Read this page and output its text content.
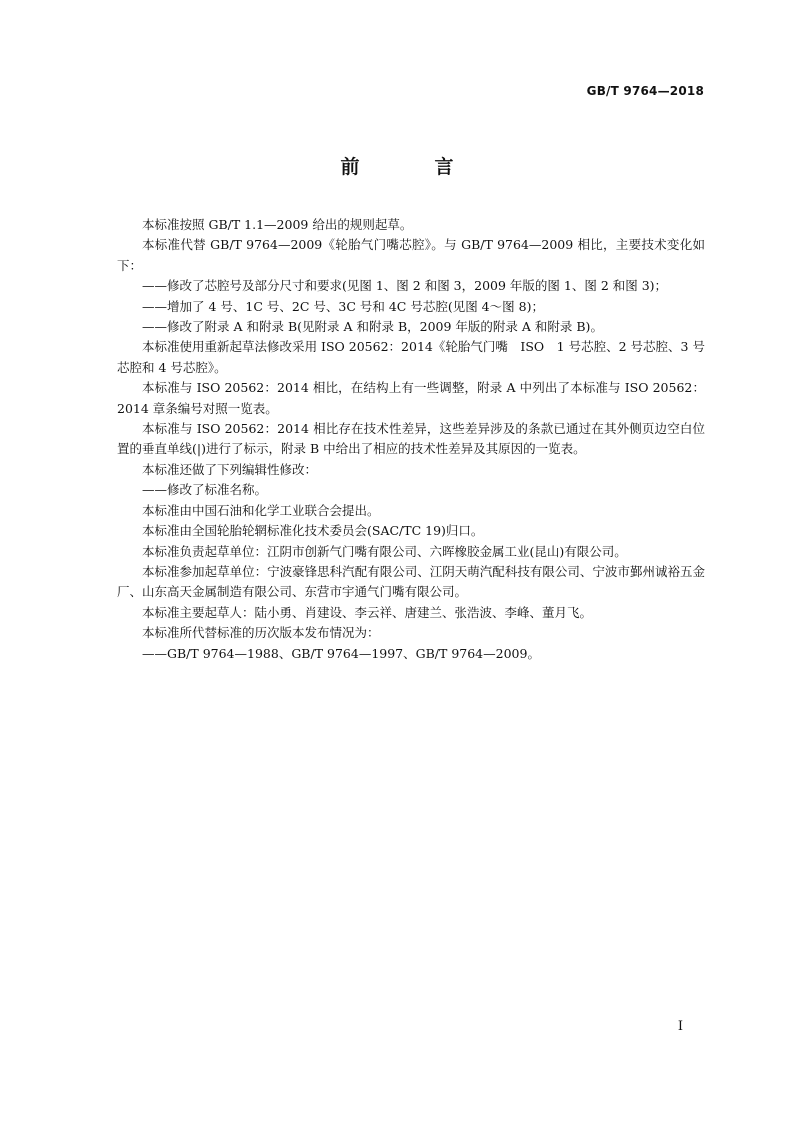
GB/T 9764—2018
前　言

本标准按照 GB/T 1.1—2009 给出的规则起草。

本标准代替 GB/T 9764—2009《轮胎气门嘴芯腔》。与 GB/T 9764—2009 相比，主要技术变化如下：

——修改了芯腔号及部分尺寸和要求(见图 1、图 2 和图 3，2009 年版的图 1、图 2 和图 3)；

——增加了 4 号、1C 号、2C 号、3C 号和 4C 号芯腔(见图 4～图 8)；

——修改了附录 A 和附录 B(见附录 A 和附录 B，2009 年版的附录 A 和附录 B)。

本标准使用重新起草法修改采用 ISO 20562：2014《轮胎气门嘴　ISO　1 号芯腔、2 号芯腔、3 号芯腔和 4 号芯腔》。

本标准与 ISO 20562：2014 相比，在结构上有一些调整，附录 A 中列出了本标准与 ISO 20562：2014 章条编号对照一览表。

本标准与 ISO 20562：2014 相比存在技术性差异，这些差异涉及的条款已通过在其外侧页边空白位置的垂直单线(|)进行了标示，附录 B 中给出了相应的技术性差异及其原因的一览表。

本标准还做了下列编辑性修改：

——修改了标准名称。

本标准由中国石油和化学工业联合会提出。

本标准由全国轮胎轮辋标准化技术委员会(SAC/TC 19)归口。

本标准负责起草单位：江阴市创新气门嘴有限公司、六晖橡胶金属工业(昆山)有限公司。

本标准参加起草单位：宁波豪锋思科汽配有限公司、江阴天萌汽配科技有限公司、宁波市鄞州诚裕五金厂、山东高天金属制造有限公司、东营市宇通气门嘴有限公司。

本标准主要起草人：陆小勇、肖建设、李云祥、唐建兰、张浩波、李峰、董月飞。

本标准所代替标准的历次版本发布情况为：

——GB/T 9764—1988、GB/T 9764—1997、GB/T 9764—2009。

I
